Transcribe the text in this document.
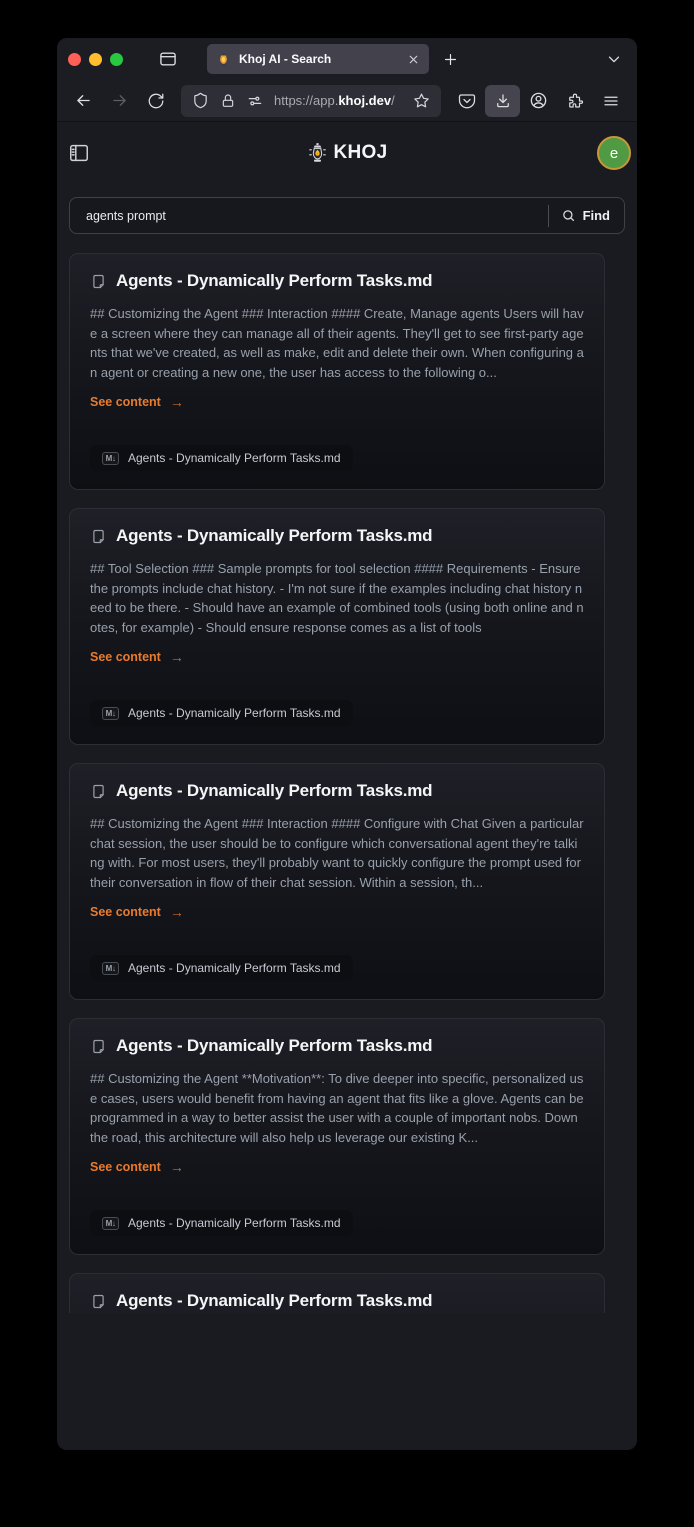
Khoj AI - Search
https://app.khoj.dev/
KHOJ	e
agents prompt
Find
Agents - Dynamically Perform Tasks.md

## Customizing the Agent ### Interaction #### Create, Manage agents Users will have a screen where they can manage all of their agents. They'll get to see first-party agents that we've created, as well as make, edit and delete their own. When configuring an agent or creating a new one, the user has access to the following o...

See content →
M↓	Agents - Dynamically Perform Tasks.md
Agents - Dynamically Perform Tasks.md

## Tool Selection ### Sample prompts for tool selection #### Requirements - Ensure the prompts include chat history. - I'm not sure if the examples including chat history need to be there. - Should have an example of combined tools (using both online and notes, for example) - Should ensure response comes as a list of tools

See content →
M↓	Agents - Dynamically Perform Tasks.md
Agents - Dynamically Perform Tasks.md

## Customizing the Agent ### Interaction #### Configure with Chat Given a particular chat session, the user should be to configure which conversational agent they're talking with. For most users, they'll probably want to quickly configure the prompt used for their conversation in flow of their chat session. Within a session, th...

See content →
M↓	Agents - Dynamically Perform Tasks.md
Agents - Dynamically Perform Tasks.md

## Customizing the Agent **Motivation**: To dive deeper into specific, personalized use cases, users would benefit from having an agent that fits like a glove. Agents can be programmed in a way to better assist the user with a couple of important nobs. Down the road, this architecture will also help us leverage our existing K...

See content →
M↓	Agents - Dynamically Perform Tasks.md
Agents - Dynamically Perform Tasks.md
